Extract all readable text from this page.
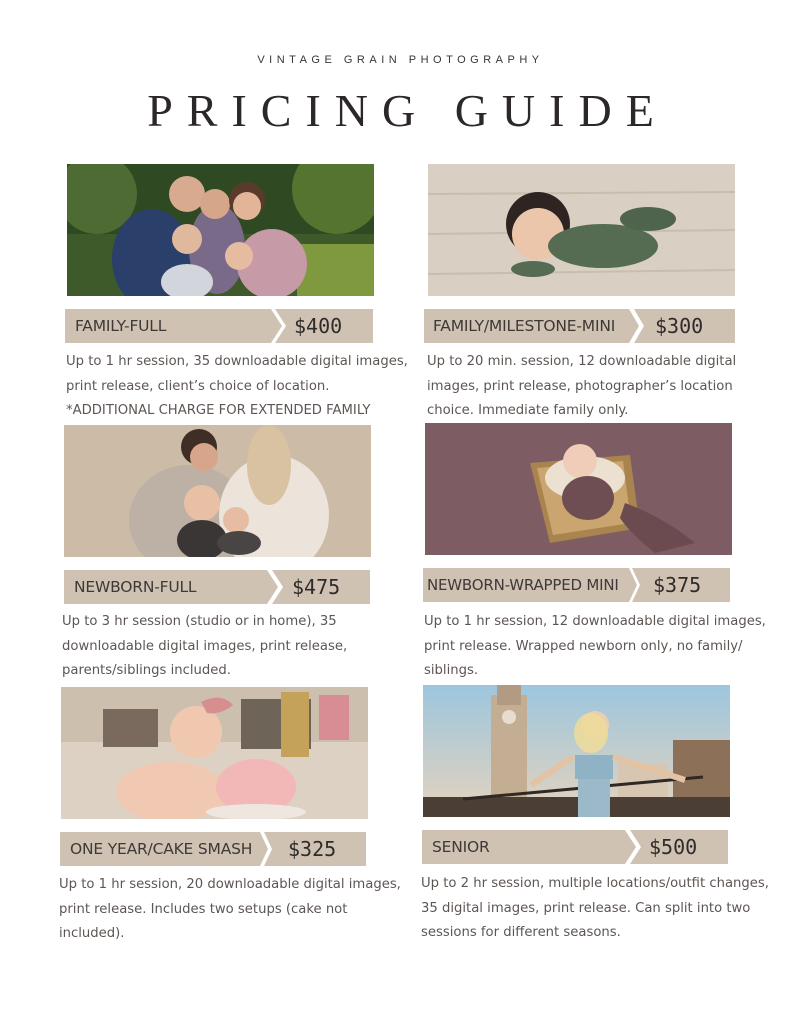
VINTAGE GRAIN PHOTOGRAPHY
PRICING GUIDE
FAMILY-FULL	$400
Up to 1 hr session, 35 downloadable digital images,
print release, client’s choice of location.
*ADDITIONAL CHARGE FOR EXTENDED FAMILY
FAMILY/MILESTONE-MINI $300
Up to 20 min. session, 12 downloadable digital
images, print release, photographer’s location
choice. Immediate family only.
NEWBORN-FULL	$475
Up to 3 hr session (studio or in home), 35
downloadable digital images, print release,
parents/siblings included.
NEWBORN-WRAPPED MINI $375
Up to 1 hr session, 12 downloadable digital images,
print release. Wrapped newborn only, no family/
siblings.
ONE YEAR/CAKE SMASH $325
Up to 1 hr session, 20 downloadable digital images,
print release. Includes two setups (cake not
included).
SENIOR	$500
Up to 2 hr session, multiple locations/outfit changes,
35 digital images, print release. Can split into two
sessions for different seasons.
